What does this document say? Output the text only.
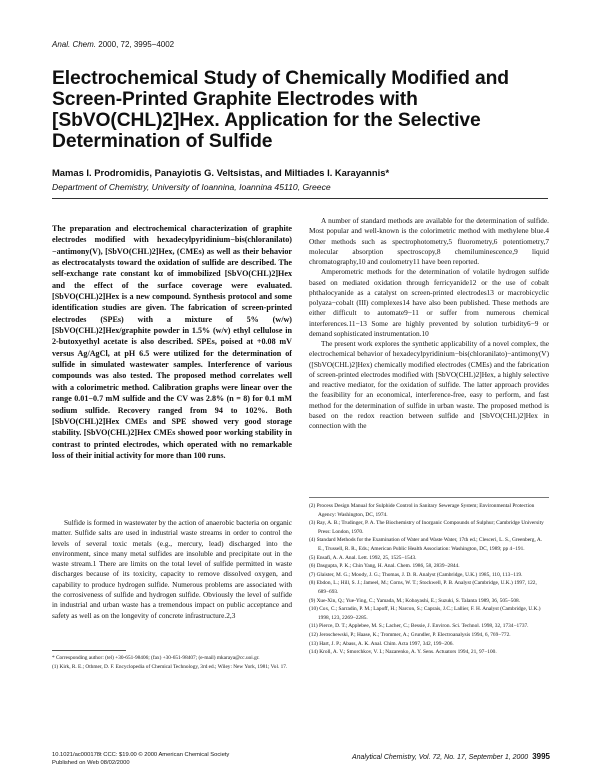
Anal. Chem. 2000, 72, 3995−4002
Electrochemical Study of Chemically Modified and Screen-Printed Graphite Electrodes with [SbVO(CHL)2]Hex. Application for the Selective Determination of Sulfide
Mamas I. Prodromidis, Panayiotis G. Veltsistas, and Miltiades I. Karayannis*
Department of Chemistry, University of Ioannina, Ioannina 45110, Greece
The preparation and electrochemical characterization of graphite electrodes modified with hexadecylpyridinium−bis(chloranilato)−antimony(V), [SbVO(CHL)2]Hex, (CMEs) as well as their behavior as electrocatalysts toward the oxidation of sulfide are described. The self-exchange rate constant kα of immobilized [SbVO(CHL)2]Hex and the effect of the surface coverage were evaluated. [SbVO(CHL)2]Hex is a new compound. Synthesis protocol and some identification studies are given. The fabrication of screen-printed electrodes (SPEs) with a mixture of 5% (w/w) [SbVO(CHL)2]Hex/graphite powder in 1.5% (w/v) ethyl cellulose in 2-butoxyethyl acetate is also described. SPEs, poised at +0.08 mV versus Ag/AgCl, at pH 6.5 were utilized for the determination of sulfide in simulated wastewater samples. Interference of various compounds was also tested. The proposed method correlates well with a colorimetric method. Calibration graphs were linear over the range 0.01−0.7 mM sulfide and the CV was 2.8% (n = 8) for 0.1 mM sodium sulfide. Recovery ranged from 94 to 102%. Both [SbVO(CHL)2]Hex CMEs and SPE showed very good storage stability. [SbVO(CHL)2]Hex CMEs showed poor working stability in contrast to printed electrodes, which operated with no remarkable loss of their initial activity for more than 100 runs.

Sulfide is formed in wastewater by the action of anaerobic bacteria on organic matter. Sulfide salts are used in industrial waste streams in order to control the levels of several toxic metals (e.g., mercury, lead) discharged into the environment, since many metal sulfides are insoluble and precipitate out in the waste stream.1 There are limits on the total level of sulfide permitted in waste discharges because of its toxicity, capacity to remove dissolved oxygen, and capability to produce hydrogen sulfide. Numerous problems are associated with the corrosiveness of sulfide and hydrogen sulfide. Obviously the level of sulfide in industrial and urban waste has a tremendous impact on public acceptance and safety as well as on the longevity of concrete infrastructure.2,3

* Corresponding author: (tel) +30-651-98406; (fax) +30-651-98407; (e-mail) mkaraya@cc.uoi.gr.
(1) Kirk, R. E.; Othmer, D. F. Encyclopedia of Chemical Technology, 3rd ed.; Wiley: New York, 1981; Vol. 17.

A number of standard methods are available for the determination of sulfide. Most popular and well-known is the colorimetric method with methylene blue.4 Other methods such as spectrophotometry,5 fluorometry,6 potentiometry,7 molecular absorption spectroscopy,8 chemiluminescence,9 liquid chromatography,10 and coulometry11 have been reported.

Amperometric methods for the determination of volatile hydrogen sulfide based on mediated oxidation through ferricyanide12 or the use of cobalt phthalocyanide as a catalyst on screen-printed electrodes13 or macrobicyclic polyaza−cobalt (III) complexes14 have also been published. These methods are either difficult to automate9−11 or suffer from numerous chemical interferences.11−13 Some are highly prevented by solution turbidity6−9 or demand sophisticated instrumentation.10

The present work explores the synthetic applicability of a novel complex, the electrochemical behavior of hexadecylpyridinium−bis(chloranilato)−antimony(V) ([SbVO(CHL)2]Hex) chemically modified electrodes (CMEs) and the fabrication of screen-printed electrodes modified with [SbVO(CHL)2]Hex, a highly selective and reactive mediator, for the oxidation of sulfide. The latter approach provides the feasibility for an economical, interference-free, easy to perform, and fast method for the determination of sulfide in urban waste. The proposed method is based on the redox reaction between sulfide and [SbVO(CHL)2]Hex in connection with the

(2) Process Design Manual for Sulphide Control in Sanitary Sewerage System; Environmental Protection Agency: Washington, DC, 1974.
(3) Ray, A. B.; Trudinger, P. A. The Biochemistry of Inorganic Compounds of Sulphur; Cambridge University Press: London, 1970.
(4) Standard Methods for the Examination of Water and Waste Water, 17th ed.; Clesceri, L. S., Greenberg, A. E., Trussell, R. R., Eds.; American Public Health Association: Washington, DC, 1989; pp 4−191.
(5) Ensafi, A. A. Anal. Lett. 1992, 25, 1525−1543.
(6) Dasgupta, P. K.; Chin Yang, H. Anal. Chem. 1986, 58, 2839−2844.
(7) Glaister, M. G.; Moody, J. G.; Thomas, J. D. R. Analyst (Cambridge, U.K.) 1985, 110, 113−119.
(8) Ebdon, L.; Hill, S. J.; Jameel, M.; Corns, W. T.; Stockwell, P. B. Analyst (Cambridge, U.K.) 1997, 122, 689−693.
(9) Xue-Xin, Q.; Yue-Ying, C.; Yamada, M.; Kobayashi, E.; Suzuki, S. Talanta 1989, 36, 505−508.
(10) Cox, C.; Sarradin, P. M.; Lapoff, H.; Narcon, S.; Caprais, J.C.; Lallier, F. H. Analyst (Cambridge, U.K.) 1998, 123, 2269−2285.
(11) Pierce, D. T.; Applebee, M. S.; Lacher, C.; Bessie, J. Environ. Sci. Technol. 1998, 32, 1734−1737.
(12) Jeroschewski, P.; Haase, K.; Trommer, A.; Grundler, P. Electroanalysis 1994, 6, 769−772.
(13) Hart, J. P.; Abass, A. K. Anal. Chim. Acta 1997, 342, 199−206.
(14) Kroll, A. V.; Smorchkov, V. I.; Nazarenko, A. Y. Sens. Actuators 1994, 21, 97−100.
10.1021/ac000178t CCC: $19.00 © 2000 American Chemical Society
Published on Web 08/02/2000
Analytical Chemistry, Vol. 72, No. 17, September 1, 2000 3995
